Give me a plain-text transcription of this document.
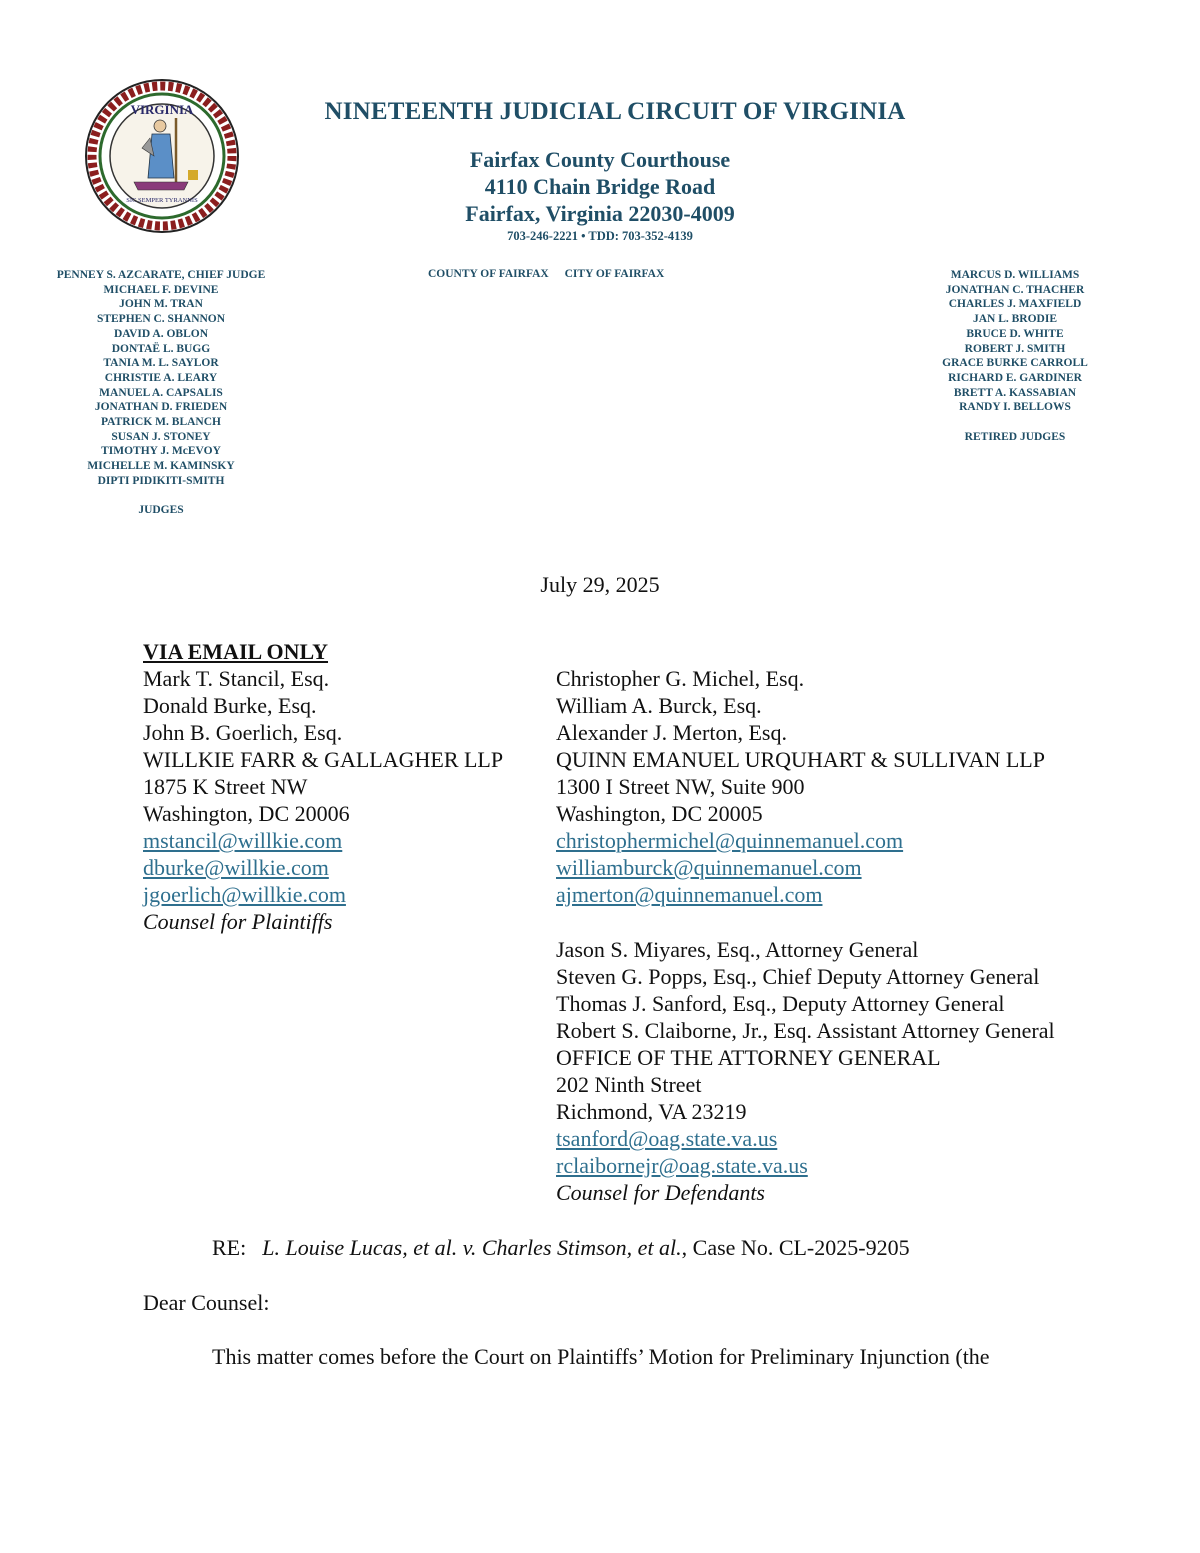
VIRGINIA
SIC SEMPER TYRANNIS
NINETEENTH JUDICIAL CIRCUIT OF VIRGINIA
Fairfax County Courthouse
4110 Chain Bridge Road
Fairfax, Virginia 22030-4009
703-246-2221 • TDD: 703-352-4139
PENNEY S. AZCARATE, CHIEF JUDGE
MICHAEL F. DEVINE
JOHN M. TRAN
STEPHEN C. SHANNON
DAVID A. OBLON
DONTAË L. BUGG
TANIA M. L. SAYLOR
CHRISTIE A. LEARY
MANUEL A. CAPSALIS
JONATHAN D. FRIEDEN
PATRICK M. BLANCH
SUSAN J. STONEY
TIMOTHY J. McEVOY
MICHELLE M. KAMINSKY
DIPTI PIDIKITI-SMITH
JUDGES
COUNTY OF FAIRFAX CITY OF FAIRFAX	MARCUS D. WILLIAMS
JONATHAN C. THACHER
CHARLES J. MAXFIELD
JAN L. BRODIE
BRUCE D. WHITE
ROBERT J. SMITH
GRACE BURKE CARROLL
RICHARD E. GARDINER
BRETT A. KASSABIAN
RANDY I. BELLOWS
RETIRED JUDGES
July 29, 2025
VIA EMAIL ONLY
Mark T. Stancil, Esq.
Donald Burke, Esq.
John B. Goerlich, Esq.
WILLKIE FARR & GALLAGHER LLP
1875 K Street NW
Washington, DC 20006
mstancil@willkie.com
dburke@willkie.com
jgoerlich@willkie.com
Counsel for Plaintiffs
Christopher G. Michel, Esq.
William A. Burck, Esq.
Alexander J. Merton, Esq.
QUINN EMANUEL URQUHART & SULLIVAN LLP
1300 I Street NW, Suite 900
Washington, DC 20005
christophermichel@quinnemanuel.com
williamburck@quinnemanuel.com
ajmerton@quinnemanuel.com
Jason S. Miyares, Esq., Attorney General
Steven G. Popps, Esq., Chief Deputy Attorney General
Thomas J. Sanford, Esq., Deputy Attorney General
Robert S. Claiborne, Jr., Esq. Assistant Attorney General
OFFICE OF THE ATTORNEY GENERAL
202 Ninth Street
Richmond, VA 23219
tsanford@oag.state.va.us
rclaibornejr@oag.state.va.us
Counsel for Defendants
RE: L. Louise Lucas, et al. v. Charles Stimson, et al., Case No. CL-2025-9205
Dear Counsel:
This matter comes before the Court on Plaintiffs’ Motion for Preliminary Injunction (the
